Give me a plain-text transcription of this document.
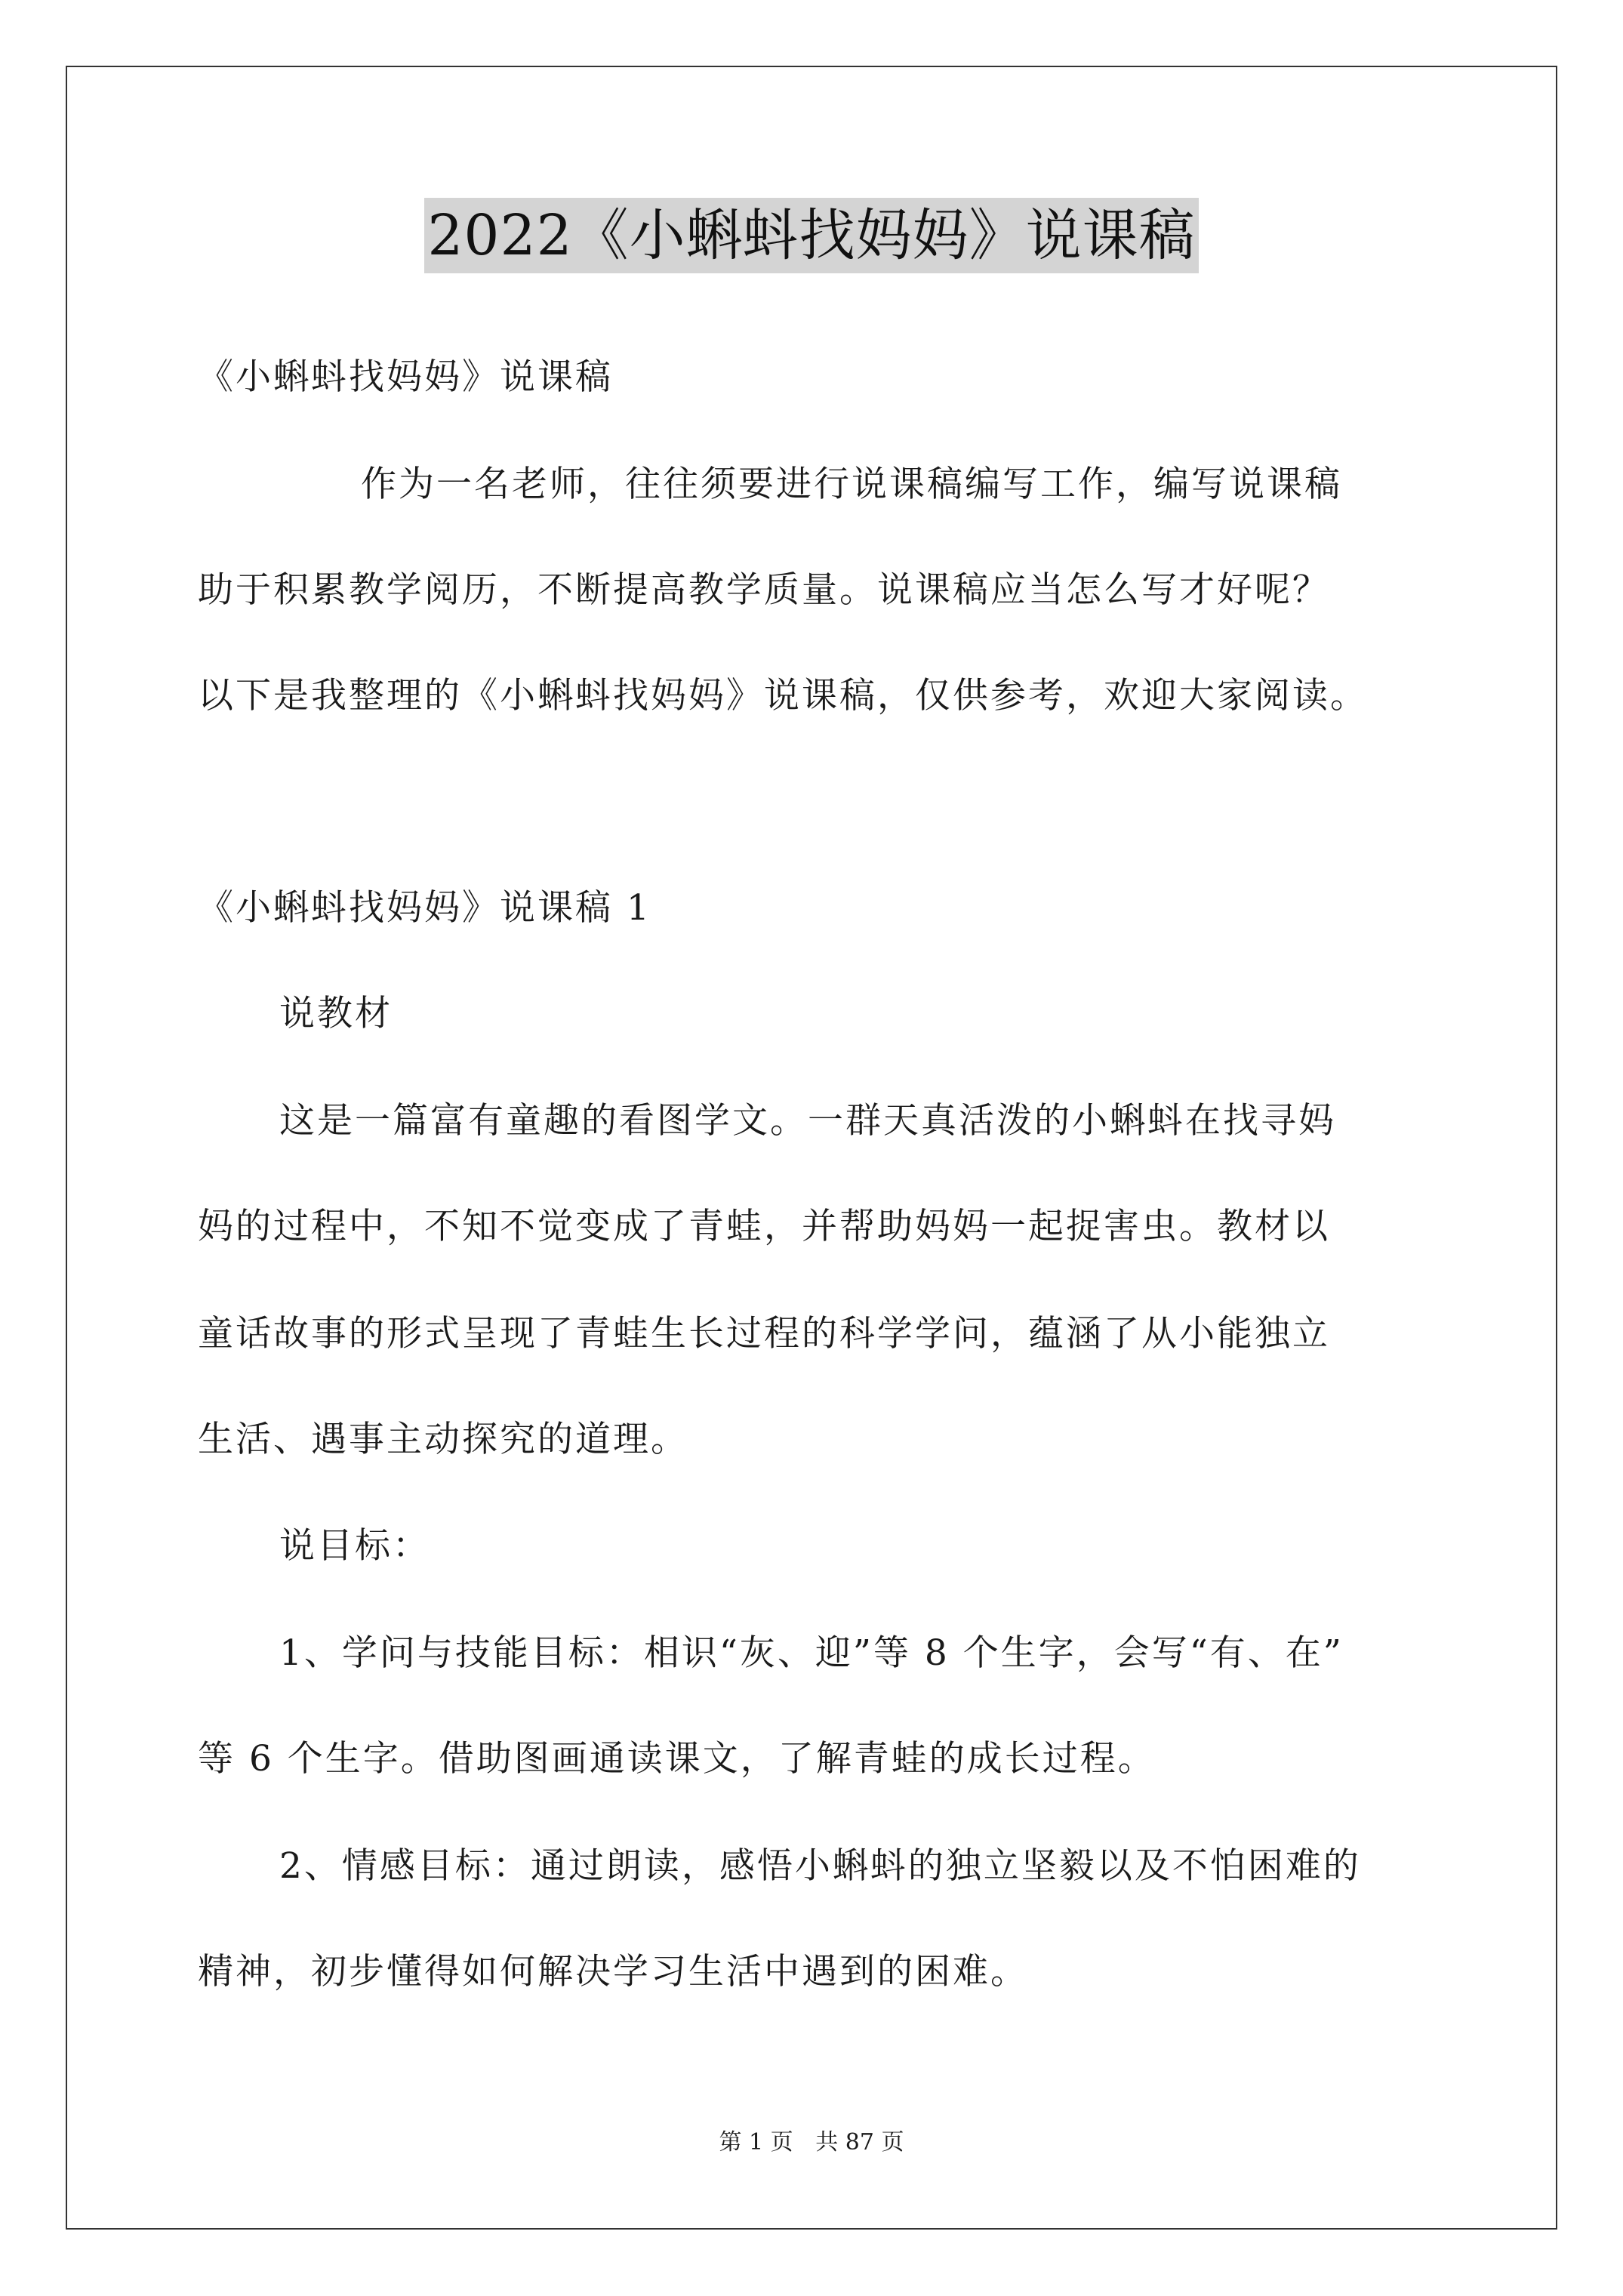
2022《小蝌蚪找妈妈》说课稿
《小蝌蚪找妈妈》说课稿
作为一名老师，往往须要进行说课稿编写工作，编写说课稿
助于积累教学阅历，不断提高教学质量。说课稿应当怎么写才好呢？
以下是我整理的《小蝌蚪找妈妈》说课稿，仅供参考，欢迎大家阅读。
《小蝌蚪找妈妈》说课稿 1
说教材
这是一篇富有童趣的看图学文。一群天真活泼的小蝌蚪在找寻妈
妈的过程中，不知不觉变成了青蛙，并帮助妈妈一起捉害虫。教材以
童话故事的形式呈现了青蛙生长过程的科学学问，蕴涵了从小能独立
生活、遇事主动探究的道理。
说目标：
1、学问与技能目标：相识“灰、迎”等 8 个生字，会写“有、在”
等 6 个生字。借助图画通读课文，了解青蛙的成长过程。
2、情感目标：通过朗读，感悟小蝌蚪的独立坚毅以及不怕困难的
精神，初步懂得如何解决学习生活中遇到的困难。
第 1 页 共 87 页
